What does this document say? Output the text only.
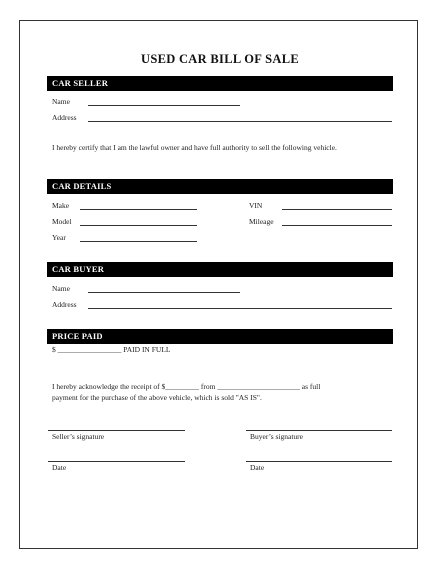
USED CAR BILL OF SALE
CAR SELLER
Name
Address
I hereby certify that I am the lawful owner and have full authority to sell the following vehicle.
CAR DETAILS
Make
Model
Year
VIN
Mileage
CAR BUYER
Name
Address
PRICE PAID
$ _________________ PAID IN FULL
I hereby acknowledge the receipt of $_________ from ______________________ as full
payment for the purchase of the above vehicle, which is sold "AS IS".
Seller’s signature	Buyer’s signature
Date	Date
